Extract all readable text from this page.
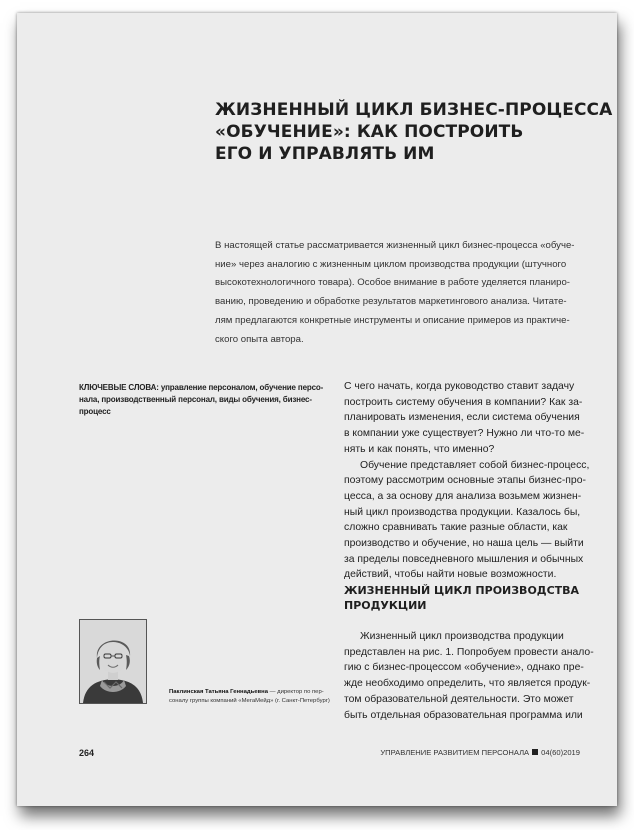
ЖИЗНЕННЫЙ ЦИКЛ БИЗНЕС-ПРОЦЕССА
«ОБУЧЕНИЕ»: КАК ПОСТРОИТЬ
ЕГО И УПРАВЛЯТЬ ИМ
В настоящей статье рассматривается жизненный цикл бизнес-процесса «обуче-
ние» через аналогию с жизненным циклом производства продукции (штучного
высокотехнологичного товара). Особое внимание в работе уделяется планиро-
ванию, проведению и обработке результатов маркетингового анализа. Читате-
лям предлагаются конкретные инструменты и описание примеров из практиче-
ского опыта автора.
КЛЮЧЕВЫЕ СЛОВА: управление персоналом, обучение персо-
нала, производственный персонал, виды обучения, бизнес-
процесс
С чего начать, когда руководство ставит задачу
построить систему обучения в компании? Как за-
планировать изменения, если система обучения
в компании уже существует? Нужно ли что-то ме-
нять и как понять, что именно?
Обучение представляет собой бизнес-процесс,
поэтому рассмотрим основные этапы бизнес-про-
цесса, а за основу для анализа возьмем жизнен-
ный цикл производства продукции. Казалось бы,
сложно сравнивать такие разные области, как
производство и обучение, но наша цель — выйти
за пределы повседневного мышления и обычных
действий, чтобы найти новые возможности.
ЖИЗНЕННЫЙ ЦИКЛ ПРОИЗВОДСТВА
ПРОДУКЦИИ
Жизненный цикл производства продукции
представлен на рис. 1. Попробуем провести анало-
гию с бизнес-процессом «обучение», однако пре-
жде необходимо определить, что является продук-
том образовательной деятельности. Это может
быть отдельная образовательная программа или
Паклинская Татьяна Геннадьевна — директор по пер-
соналу группы компаний «МегаМейд» (г. Санкт-Петербург)
264	УПРАВЛЕНИЕ РАЗВИТИЕМ ПЕРСОНАЛА 04(60)2019
